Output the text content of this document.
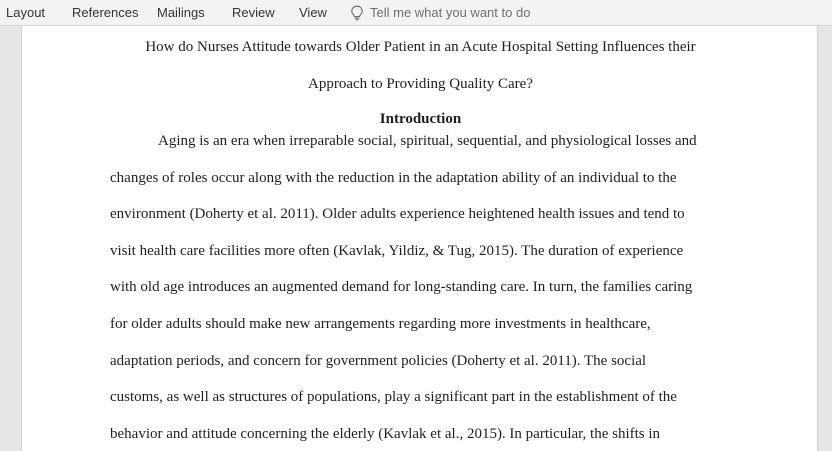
Layout References Mailings Review View	Tell me what you want to do
How do Nurses Attitude towards Older Patient in an Acute Hospital Setting Influences their
Approach to Providing Quality Care?
Introduction
Aging is an era when irreparable social, spiritual, sequential, and physiological losses and
changes of roles occur along with the reduction in the adaptation ability of an individual to the
environment (Doherty et al. 2011). Older adults experience heightened health issues and tend to
visit health care facilities more often (Kavlak, Yildiz, & Tug, 2015). The duration of experience
with old age introduces an augmented demand for long-standing care. In turn, the families caring
for older adults should make new arrangements regarding more investments in healthcare,
adaptation periods, and concern for government policies (Doherty et al. 2011). The social
customs, as well as structures of populations, play a significant part in the establishment of the
behavior and attitude concerning the elderly (Kavlak et al., 2015). In particular, the shifts in
